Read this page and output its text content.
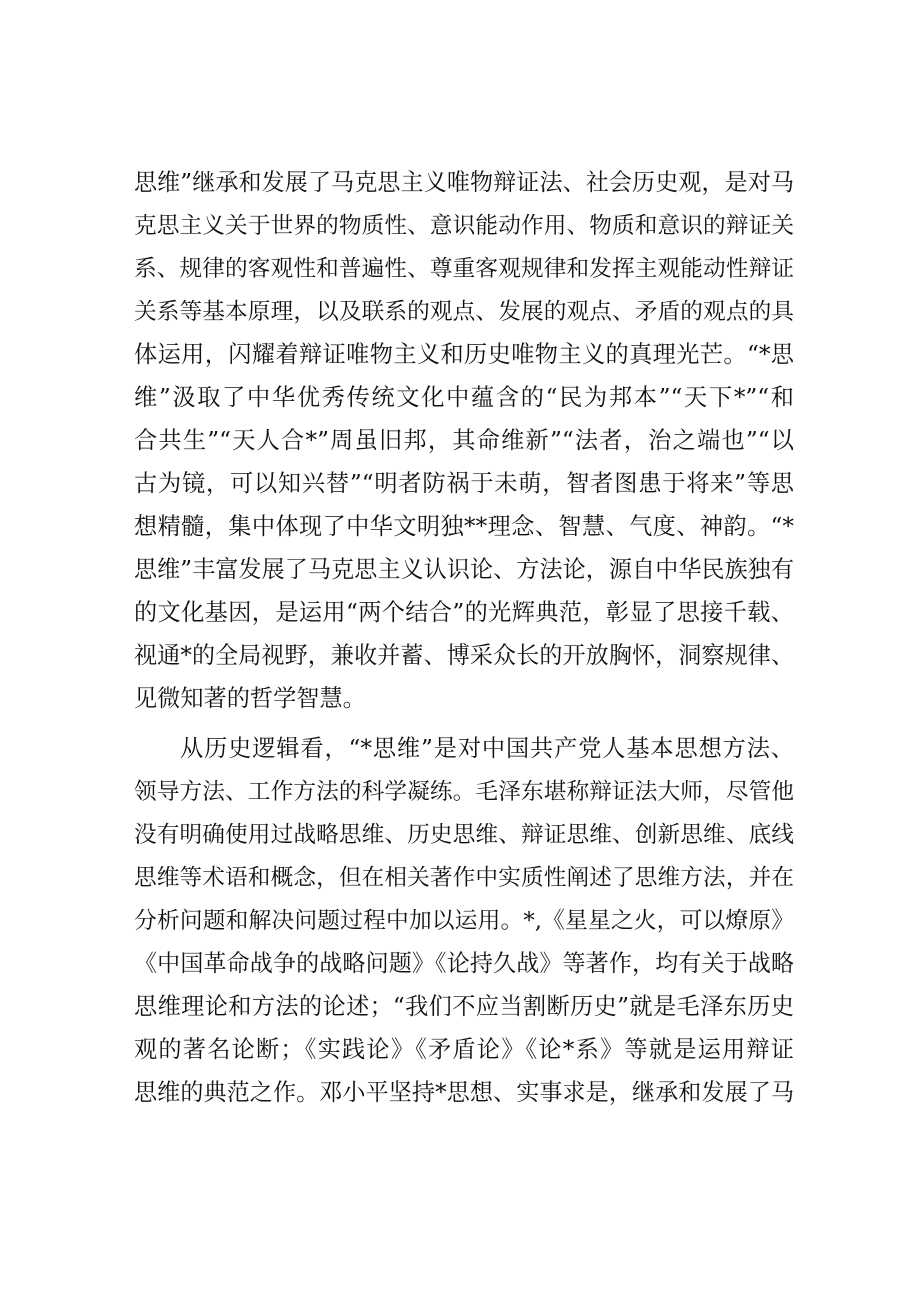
思维”继承和发展了马克思主义唯物辩证法、社会历史观，是对马
克思主义关于世界的物质性、意识能动作用、物质和意识的辩证关
系、规律的客观性和普遍性、尊重客观规律和发挥主观能动性辩证
关系等基本原理，以及联系的观点、发展的观点、矛盾的观点的具
体运用，闪耀着辩证唯物主义和历史唯物主义的真理光芒。“*思
维”汲取了中华优秀传统文化中蕴含的“民为邦本”“天下*”“和
合共生”“天人合*”周虽旧邦，其命维新”“法者，治之端也”“以
古为镜，可以知兴替”“明者防祸于未萌，智者图患于将来”等思
想精髓，集中体现了中华文明独**理念、智慧、气度、神韵。“*
思维”丰富发展了马克思主义认识论、方法论，源自中华民族独有
的文化基因，是运用“两个结合”的光辉典范，彰显了思接千载、
视通*的全局视野，兼收并蓄、博采众长的开放胸怀，洞察规律、
见微知著的哲学智慧。
从历史逻辑看，“*思维”是对中国共产党人基本思想方法、
领导方法、工作方法的科学凝练。毛泽东堪称辩证法大师，尽管他
没有明确使用过战略思维、历史思维、辩证思维、创新思维、底线
思维等术语和概念，但在相关著作中实质性阐述了思维方法，并在
分析问题和解决问题过程中加以运用。*,《星星之火，可以燎原》
《中国革命战争的战略问题》《论持久战》等著作，均有关于战略
思维理论和方法的论述；“我们不应当割断历史”就是毛泽东历史
观的著名论断；《实践论》《矛盾论》《论*系》等就是运用辩证
思维的典范之作。邓小平坚持*思想、实事求是，继承和发展了马
